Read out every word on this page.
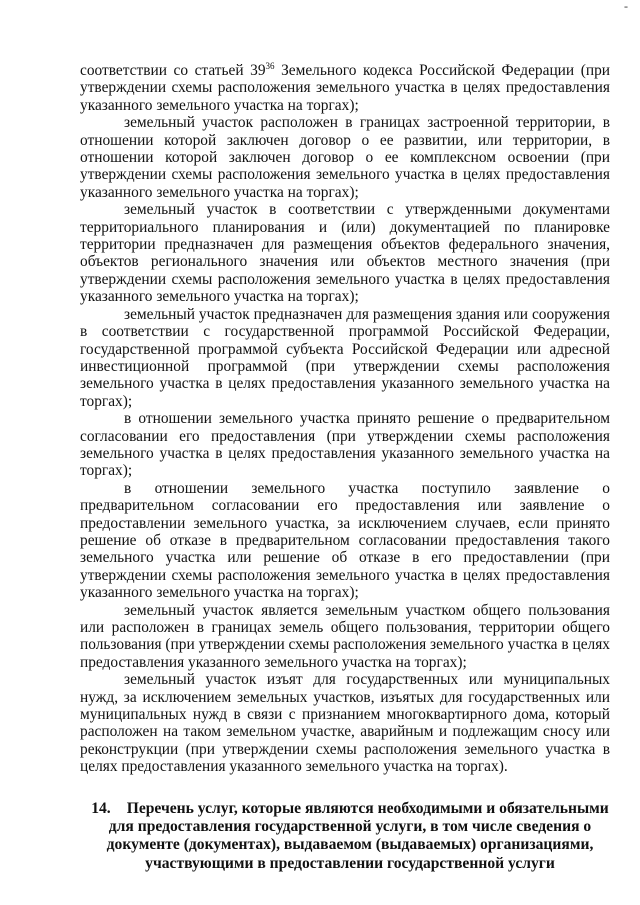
-

соответствии со статьей $39^{36}$ Земельного кодекса Российской Федерации (при утверждении схемы расположения земельного участка в целях предоставления указанного земельного участка на торгах);

земельный участок расположен в границах застроенной территории, в отношении которой заключен договор о ее развитии, или территории, в отношении которой заключен договор о ее комплексном освоении (при утверждении схемы расположения земельного участка в целях предоставления указанного земельного участка на торгах);

земельный участок в соответствии с утвержденными документами территориального планирования и (или) документацией по планировке территории предназначен для размещения объектов федерального значения, объектов регионального значения или объектов местного значения (при утверждении схемы расположения земельного участка в целях предоставления указанного земельного участка на торгах);

земельный участок предназначен для размещения здания или сооружения в соответствии с государственной программой Российской Федерации, государственной программой субъекта Российской Федерации или адресной инвестиционной программой (при утверждении схемы расположения земельного участка в целях предоставления указанного земельного участка на торгах);

в отношении земельного участка принято решение о предварительном согласовании его предоставления (при утверждении схемы расположения земельного участка в целях предоставления указанного земельного участка на торгах);

в отношении земельного участка поступило заявление о предварительном согласовании его предоставления или заявление о предоставлении земельного участка, за исключением случаев, если принято решение об отказе в предварительном согласовании предоставления такого земельного участка или решение об отказе в его предоставлении (при утверждении схемы расположения земельного участка в целях предоставления указанного земельного участка на торгах);

земельный участок является земельным участком общего пользования или расположен в границах земель общего пользования, территории общего пользования (при утверждении схемы расположения земельного участка в целях предоставления указанного земельного участка на торгах);

земельный участок изъят для государственных или муниципальных нужд, за исключением земельных участков, изъятых для государственных или муниципальных нужд в связи с признанием многоквартирного дома, который расположен на таком земельном участке, аварийным и подлежащим сносу или реконструкции (при утверждении схемы расположения земельного участка в целях предоставления указанного земельного участка на торгах).

14. Перечень услуг, которые являются необходимыми и обязательными
для предоставления государственной услуги, в том числе сведения о
документе (документах), выдаваемом (выдаваемых) организациями,
участвующими в предоставлении государственной услуги
